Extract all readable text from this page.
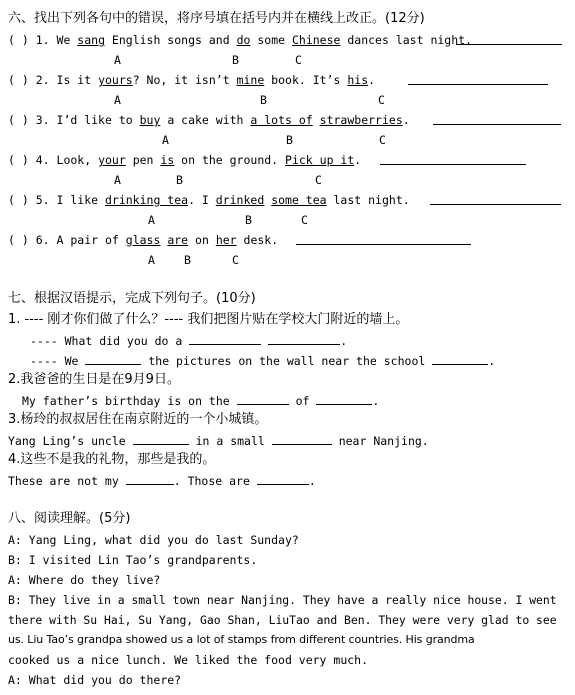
六、找出下列各句中的错误，将序号填在括号内并在横线上改正。(12分)
( ) 1. We sang English songs and do some Chinese dances last night.
A	B	C
( ) 2. Is it yours? No, it isn’t mine book. It’s his.
A	B	C
( ) 3. I’d like to buy a cake with a lots of strawberries.
A	B	C
( ) 4. Look, your pen is on the ground. Pick up it.
A	B	C
( ) 5. I like drinking tea. I drinked some tea last night.
A	B	C
( ) 6. A pair of glass are on her desk.
A	B	C
七、根据汉语提示，完成下列句子。(10分)
1. ---- 刚才你们做了什么？---- 我们把图片贴在学校大门附近的墙上。
---- What did you do a	.
---- We	the pictures on the wall near the school	.
2.我爸爸的生日是在9月9日。
My father’s birthday is on the	of	.
3.杨玲的叔叔居住在南京附近的一个小城镇。
Yang Ling’s uncle	in a small	near Nanjing.
4.这些不是我的礼物，那些是我的。
These are not my	. Those are	.
八、阅读理解。(5分)
A: Yang Ling, what did you do last Sunday?
B: I visited Lin Tao’s grandparents.
A: Where do they live?
B: They live in a small town near Nanjing. They have a really nice house. I went
there with Su Hai, Su Yang, Gao Shan, LiuTao and Ben. They were very glad to see
us. Liu Tao’s grandpa showed us a lot of stamps from different countries. His grandma
cooked us a nice lunch. We liked the food very much.
A: What did you do there?
